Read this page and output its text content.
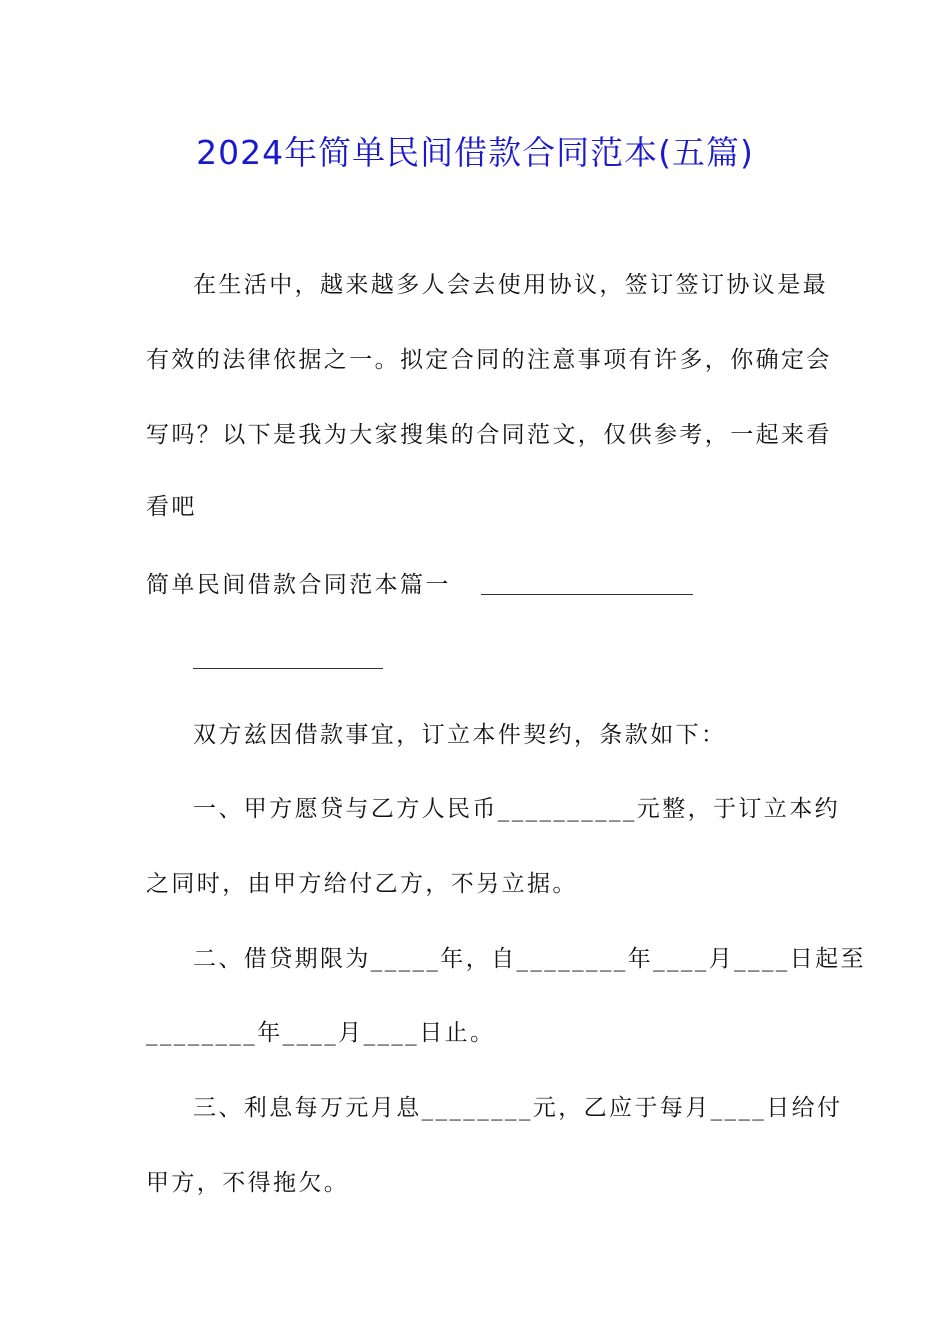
2024年简单民间借款合同范本(五篇)
在生活中，越来越多人会去使用协议，签订签订协议是最
有效的法律依据之一。拟定合同的注意事项有许多，你确定会
写吗？以下是我为大家搜集的合同范文，仅供参考，一起来看
看吧
简单民间借款合同范本篇一
双方兹因借款事宜，订立本件契约，条款如下：
一、甲方愿贷与乙方人民币__________元整，于订立本约
之同时，由甲方给付乙方，不另立据。
二、借贷期限为_____年，自________年____月____日起至
________年____月____日止。
三、利息每万元月息________元，乙应于每月____日给付
甲方，不得拖欠。
